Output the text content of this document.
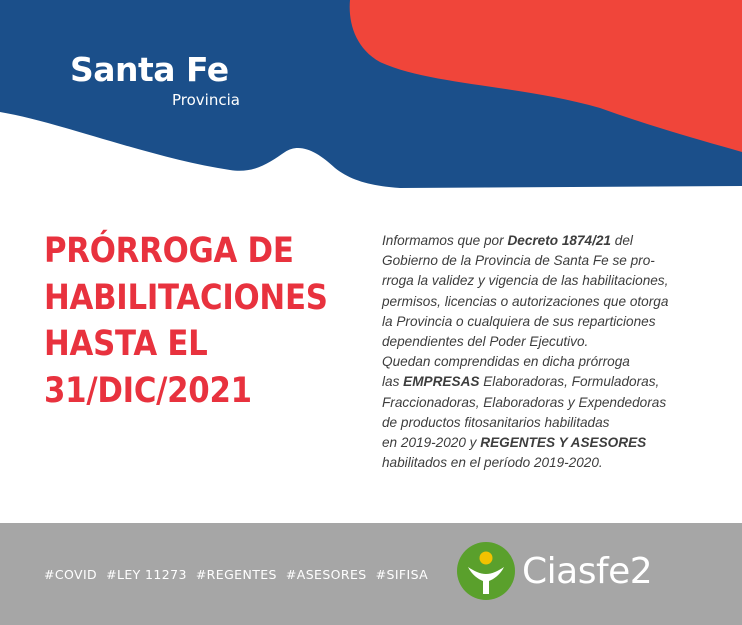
Santa Fe
Provincia
PRÓRROGA DE
HABILITACIONES
HASTA EL
31/DIC/2021
Informamos que por Decreto 1874/21 del
Gobierno de la Provincia de Santa Fe se pro-
rroga la validez y vigencia de las habilitaciones,
permisos, licencias o autorizaciones que otorga
la Provincia o cualquiera de sus reparticiones
dependientes del Poder Ejecutivo.
Quedan comprendidas en dicha prórroga
las EMPRESAS Elaboradoras, Formuladoras,
Fraccionadoras, Elaboradoras y Expendedoras
de productos fitosanitarios habilitadas
en 2019-2020 y REGENTES Y ASESORES
habilitados en el período 2019-2020.
#COVID #LEY 11273 #REGENTES #ASESORES #SIFISA	Ciasfe2
